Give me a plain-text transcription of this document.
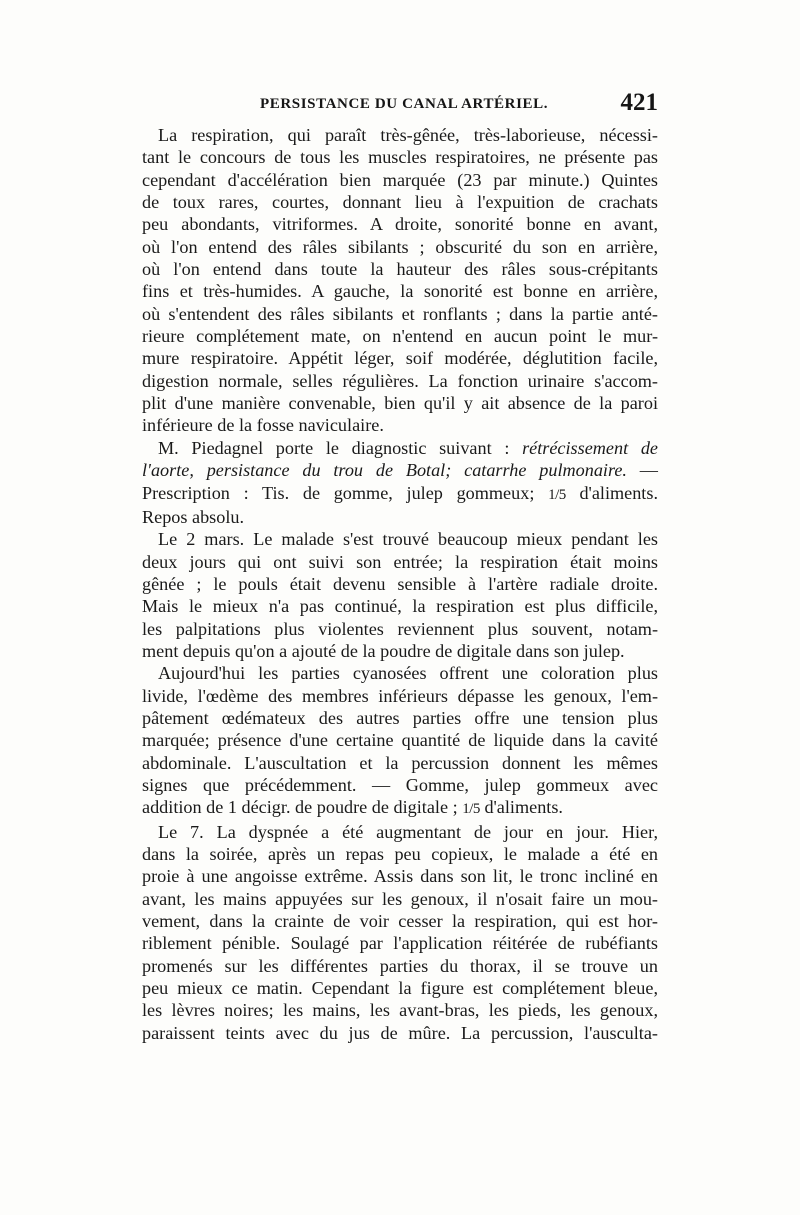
PERSISTANCE DU CANAL ARTÉRIEL.	421
La respiration, qui paraît très-gênée, très-laborieuse, nécessi-
tant le concours de tous les muscles respiratoires, ne présente pas
cependant d'accélération bien marquée (23 par minute.) Quintes
de toux rares, courtes, donnant lieu à l'expuition de crachats
peu abondants, vitriformes. A droite, sonorité bonne en avant,
où l'on entend des râles sibilants ; obscurité du son en arrière,
où l'on entend dans toute la hauteur des râles sous-crépitants
fins et très-humides. A gauche, la sonorité est bonne en arrière,
où s'entendent des râles sibilants et ronflants ; dans la partie anté-
rieure complétement mate, on n'entend en aucun point le mur-
mure respiratoire. Appétit léger, soif modérée, déglutition facile,
digestion normale, selles régulières. La fonction urinaire s'accom-
plit d'une manière convenable, bien qu'il y ait absence de la paroi
inférieure de la fosse naviculaire.
M. Piedagnel porte le diagnostic suivant : rétrécissement de
l'aorte, persistance du trou de Botal; catarrhe pulmonaire. —
Prescription : Tis. de gomme, julep gommeux; 1/5 d'aliments.
Repos absolu.
Le 2 mars. Le malade s'est trouvé beaucoup mieux pendant les
deux jours qui ont suivi son entrée; la respiration était moins
gênée ; le pouls était devenu sensible à l'artère radiale droite.
Mais le mieux n'a pas continué, la respiration est plus difficile,
les palpitations plus violentes reviennent plus souvent, notam-
ment depuis qu'on a ajouté de la poudre de digitale dans son julep.
Aujourd'hui les parties cyanosées offrent une coloration plus
livide, l'œdème des membres inférieurs dépasse les genoux, l'em-
pâtement œdémateux des autres parties offre une tension plus
marquée; présence d'une certaine quantité de liquide dans la cavité
abdominale. L'auscultation et la percussion donnent les mêmes
signes que précédemment. — Gomme, julep gommeux avec
addition de 1 décigr. de poudre de digitale ; 1/5 d'aliments.
Le 7. La dyspnée a été augmentant de jour en jour. Hier,
dans la soirée, après un repas peu copieux, le malade a été en
proie à une angoisse extrême. Assis dans son lit, le tronc incliné en
avant, les mains appuyées sur les genoux, il n'osait faire un mou-
vement, dans la crainte de voir cesser la respiration, qui est hor-
riblement pénible. Soulagé par l'application réitérée de rubéfiants
promenés sur les différentes parties du thorax, il se trouve un
peu mieux ce matin. Cependant la figure est complétement bleue,
les lèvres noires; les mains, les avant-bras, les pieds, les genoux,
paraissent teints avec du jus de mûre. La percussion, l'ausculta-
